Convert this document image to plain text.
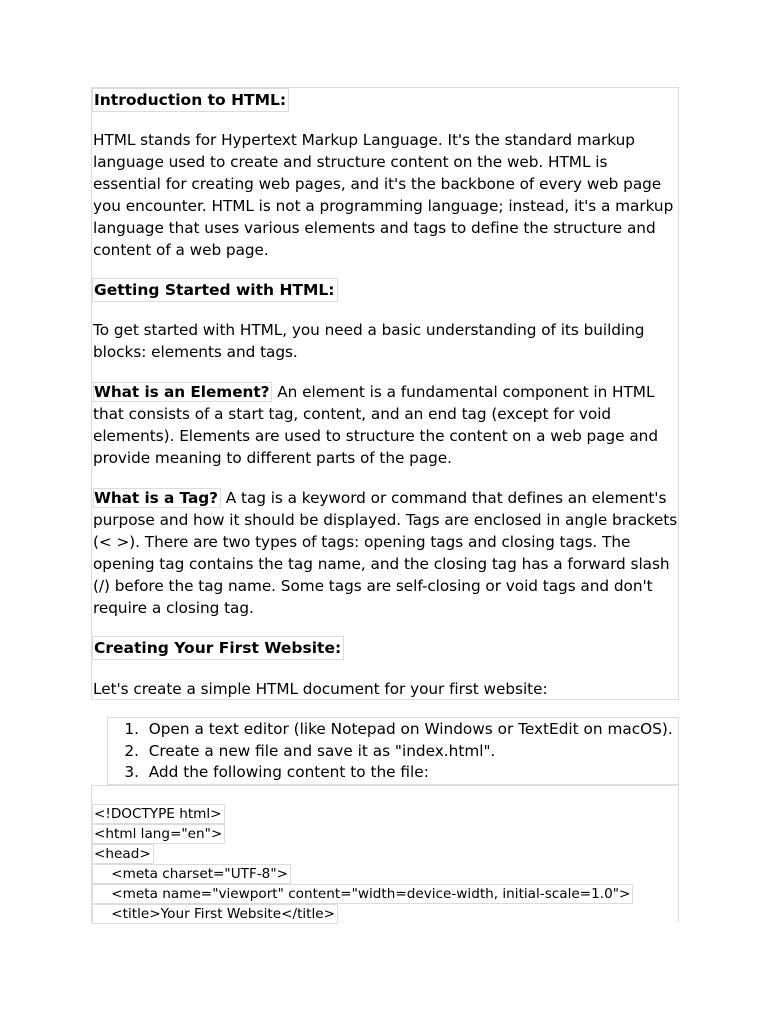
Introduction to HTML:

HTML stands for Hypertext Markup Language. It's the standard markup language used to create and structure content on the web. HTML is essential for creating web pages, and it's the backbone of every web page you encounter. HTML is not a programming language; instead, it's a markup language that uses various elements and tags to define the structure and content of a web page.

Getting Started with HTML:

To get started with HTML, you need a basic understanding of its building blocks: elements and tags.

What is an Element? An element is a fundamental component in HTML that consists of a start tag, content, and an end tag (except for void elements). Elements are used to structure the content on a web page and provide meaning to different parts of the page.

What is a Tag? A tag is a keyword or command that defines an element's purpose and how it should be displayed. Tags are enclosed in angle brackets (< >). There are two types of tags: opening tags and closing tags. The opening tag contains the tag name, and the closing tag has a forward slash (/) before the tag name. Some tags are self-closing or void tags and don't require a closing tag.

Creating Your First Website:

Let's create a simple HTML document for your first website:

1. Open a text editor (like Notepad on Windows or TextEdit on macOS).
2. Create a new file and save it as "index.html".
3. Add the following content to the file:
<!DOCTYPE html>
<html lang="en">
<head>
<meta charset="UTF-8">
<meta name="viewport" content="width=device-width, initial-scale=1.0">
<title>Your First Website</title>
